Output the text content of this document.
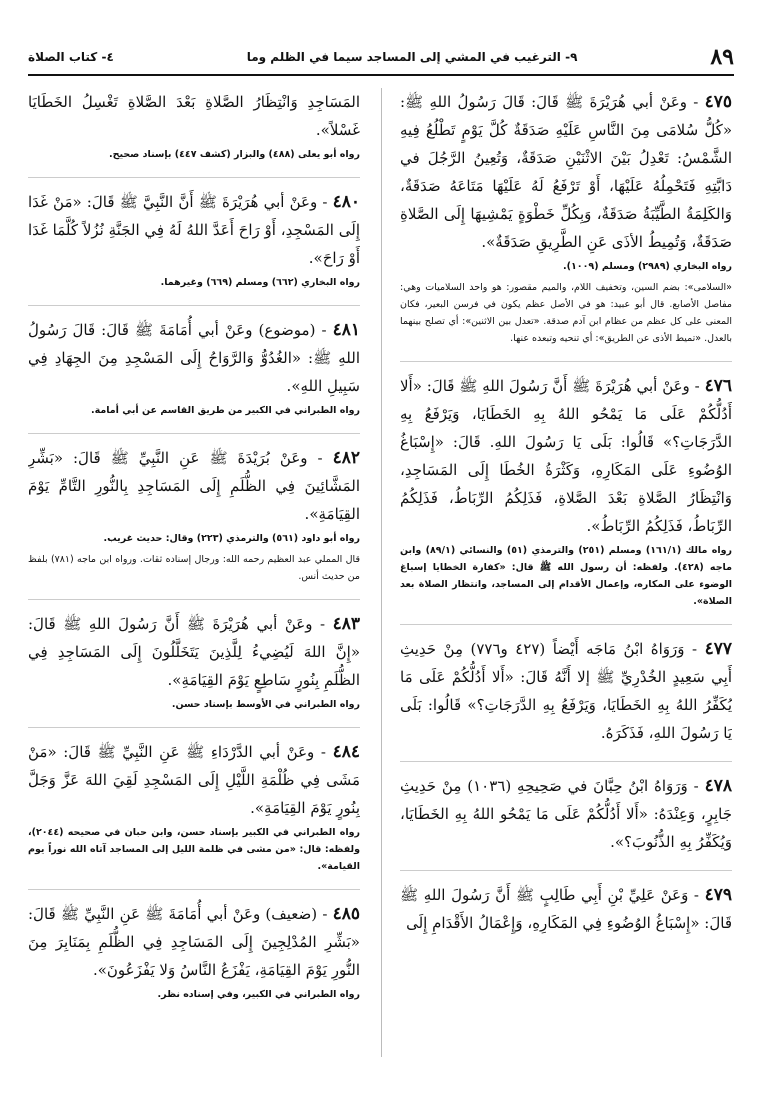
٨٩
٩- الترغيب في المشي إلى المساجد سيما في الظلم وما
٤- كتاب الصلاة

٤٧٥ - وعَنْ أبي هُرَيْرَةَ ﷺ قَالَ: قَالَ رَسُولُ اللهِ ﷺ: «كُلُّ سُلامَى مِنَ النَّاسِ عَلَيْهِ صَدَقَةٌ كُلَّ يَوْمٍ تَطْلُعُ فِيهِ الشَّمْسُ: تَعْدِلُ بَيْنَ الاثْنَيْنِ صَدَقَةٌ، وَتُعِينُ الرَّجُلَ في دَابَّتِهِ فَتَحْمِلُهُ عَلَيْهَا، أَوْ تَرْفَعُ لَهُ عَلَيْهَا مَتَاعَهُ صَدَقَةٌ، وَالكَلِمَةُ الطَّيِّبَةُ صَدَقَةٌ، وَبِكُلِّ خَطْوَةٍ يَمْشِيهَا إِلَى الصَّلاةِ صَدَقَةٌ، وَتُمِيطُ الأذَى عَنِ الطَّرِيقِ صَدَقَةٌ».

رواه البخاري (٢٩٨٩) ومسلم (١٠٠٩).

«السلامى»: بضم السين، وتخفيف اللام، والميم مقصور: هو واحد السلاميات وهي: مفاصل الأصابع. قال أبو عبيد: هو في الأصل عظم يكون في فرسن البعير، فكان المعنى على كل عظم من عظام ابن آدم صدقة. «تعدل بين الاثنين»: أي تصلح بينهما بالعدل. «تميط الأذى عن الطريق»: أي تنحيه وتبعده عنها.

٤٧٦ - وعَنْ أبي هُرَيْرَةَ ﷺ أَنَّ رَسُولَ اللهِ ﷺ قَالَ: «أَلا أَدُلُّكُمْ عَلَى مَا يَمْحُو اللهُ بِهِ الخَطَايَا، وَيَرْفَعُ بِهِ الدَّرَجَاتِ؟» قَالُوا: بَلَى يَا رَسُولَ اللهِ. قَالَ: «إِسْبَاغُ الوُضُوءِ عَلَى المَكَارِهِ، وَكَثْرَةُ الخُطَا إِلَى المَسَاجِدِ، وَانْتِظَارُ الصَّلاةِ بَعْدَ الصَّلاةِ، فَذَلِكُمُ الرِّبَاطُ، فَذَلِكُمُ الرِّبَاطُ، فَذَلِكُمُ الرِّبَاطُ».

رواه مالك (١٦١/١) ومسلم (٢٥١) والترمذي (٥١) والنسائي (٨٩/١) وابن ماجه (٤٢٨). ولفظه: أن رسول الله ﷺ قال: «كفارة الخطايا إسباغ الوضوء على المكاره، وإعمال الأقدام إلى المساجد، وانتظار الصلاة بعد الصلاة».

٤٧٧ - وَرَوَاهُ ابْنُ مَاجَه أَيْضاً (٤٢٧ و٧٧٦) مِنْ حَدِيثِ أَبِي سَعِيدٍ الخُدْرِيِّ ﷺ إلا أَنَّهُ قَالَ: «أَلا أَدُلُّكُمْ عَلَى مَا يُكَفِّرُ اللهُ بِهِ الخَطَايَا، وَيَرْفَعُ بِهِ الدَّرَجَاتِ؟» قَالُوا: بَلَى يَا رَسُولَ اللهِ، فَذَكَرَهُ.

٤٧٨ - وَرَوَاهُ ابْنُ حِبَّانَ في صَحِيحِهِ (١٠٣٦) مِنْ حَدِيثِ جَابِرٍ، وَعِنْدَهُ: «أَلا أَدُلُّكُمْ عَلَى مَا يَمْحُو اللهُ بِهِ الخَطَايَا، وَيُكَفِّرُ بِهِ الذُّنُوبَ؟».

٤٧٩ - وَعَنْ عَلِيِّ بْنِ أَبِي طَالِبٍ ﷺ أَنَّ رَسُولَ اللهِ ﷺ قَالَ: «إِسْبَاغُ الوُضُوءِ فِي المَكَارِهِ، وَإِعْمَالُ الأَقْدَامِ إِلَى

المَسَاجِدِ وَانْتِظَارُ الصَّلاةِ بَعْدَ الصَّلاةِ تَغْسِلُ الخَطَايَا غَسْلاً».

رواه أبو يعلى (٤٨٨) والبزار (كشف ٤٤٧) بإسناد صحيح.

٤٨٠ - وعَنْ أبي هُرَيْرَةَ ﷺ أَنَّ النَّبِيَّ ﷺ قَالَ: «مَنْ غَدَا إِلَى المَسْجِدِ، أَوْ رَاحَ أَعَدَّ اللهُ لَهُ فِي الجَنَّةِ نُزُلاً كُلَّمَا غَدَا أَوْ رَاحَ».

رواه البخاري (٦٦٢) ومسلم (٦٦٩) وغيرهما.

٤٨١ - (موضوع) وعَنْ أبي أُمَامَةَ ﷺ قَالَ: قَالَ رَسُولُ اللهِ ﷺ: «الغُدُوُّ وَالرَّوَاحُ إِلَى المَسْجِدِ مِنَ الجِهَادِ فِي سَبِيلِ اللهِ».

رواه الطبراني في الكبير من طريق القاسم عن أبي أمامة.

٤٨٢ - وعَنْ بُرَيْدَةَ ﷺ عَنِ النَّبِيِّ ﷺ قَالَ: «بَشِّرِ المَشَّائِينَ فِي الظُّلَمِ إِلَى المَسَاجِدِ بِالنُّورِ التَّامِّ يَوْمَ القِيَامَةِ».

رواه أبو داود (٥٦١) والترمذي (٢٢٣) وقال: حديث غريب.

قال المملي عبد العظيم رحمه الله: ورجال إسناده ثقات. ورواه ابن ماجه (٧٨١) بلفظ من حديث أنس.

٤٨٣ - وعَنْ أبي هُرَيْرَةَ ﷺ أَنَّ رَسُولَ اللهِ ﷺ قَالَ: «إِنَّ اللهَ لَيُضِيءُ لِلَّذِينَ يَتَخَلَّلُونَ إِلَى المَسَاجِدِ فِي الظُّلَمِ بِنُورٍ سَاطِعٍ يَوْمَ القِيَامَةِ».

رواه الطبراني في الأوسط بإسناد حسن.

٤٨٤ - وعَنْ أبي الدَّرْدَاءِ ﷺ عَنِ النَّبِيِّ ﷺ قَالَ: «مَنْ مَشَى فِي ظُلْمَةِ اللَّيْلِ إِلَى المَسْجِدِ لَقِيَ اللهَ عَزَّ وَجَلَّ بِنُورٍ يَوْمَ القِيَامَةِ».

رواه الطبراني في الكبير بإسناد حسن، وابن حبان في صحيحه (٢٠٤٤)، ولفظه: قال: «من مشى في ظلمة الليل إلى المساجد آتاه الله نوراً يوم القيامة».

٤٨٥ - (ضعيف) وعَنْ أبي أُمَامَةَ ﷺ عَنِ النَّبِيِّ ﷺ قَالَ: «بَشِّرِ المُدْلِجِينَ إِلَى المَسَاجِدِ فِي الظُّلَمِ بِمَنَابِرَ مِنَ النُّورِ يَوْمَ القِيَامَةِ، يَفْزَعُ النَّاسُ وَلا يَفْزَعُونَ».

رواه الطبراني في الكبير، وفي إسناده نظر.
